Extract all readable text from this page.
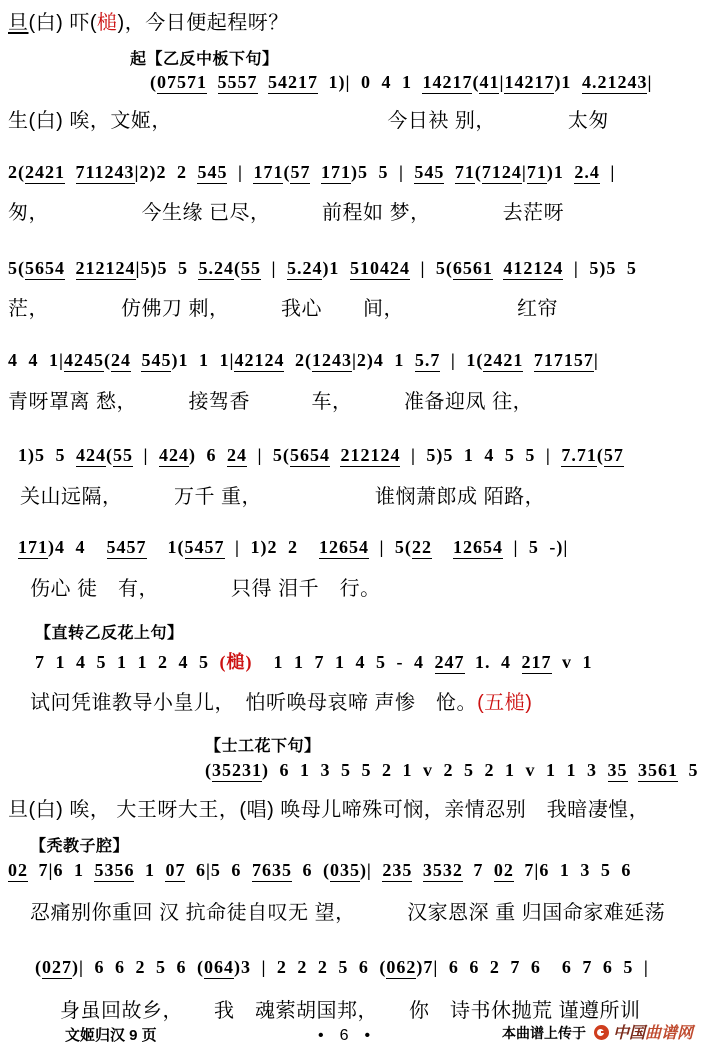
旦(白) 吓(槌)，今日便起程呀？
起【乙反中板下句】
(07571 5557 54217 1)| 0 4 1 14217(41|14217)1 4.21243|
生(白) 唉，文姬，　　　　　　　　　　　今日袂 别，　　　　太匆
2(2421 711243|2)2 2 545 | 171(57 171)5 5 | 545 71(7124|71)1 2.4 |
匆，　　　　　今生缘 已尽，　　　前程如 梦，　　　　去茫呀
5(5654 212124|5)5 5 5.24(55 | 5.24)1 510424 | 5(6561 412124 | 5)5 5
茫，　　　　仿佛刀 刺，　　　我心　　间，　　　　　　红帘
4 4 1|4245(24 545)1 1 1|42124 2(1243|2)4 1 5.7 | 1(2421 717157|
青呀罩离 愁，　　　接驾香　　　车，　　　准备迎凤 往，
1)5 5 424(55 | 424) 6 24 | 5(5654 212124 | 5)5 1 4 5 5 | 7.71(57
关山远隔，　　　万千 重，　　　　　　谁悯萧郎成 陌路，
171)4 4  5457  1(5457 | 1)2 2  12654 | 5(22 12654 | 5 -)|
伤心 徒　有，　　　　只得 泪千　行。
【直转乙反花上句】
7 1 4 5 1 1 2 4 5 (槌)  1 1 7 1 4 5 - 4 247 1. 4 217 v 1
试问凭谁教导小皇儿，　怕听唤母哀啼 声惨　怆。(五槌)
【士工花下句】
(35231) 6 1 3 5 5 2 1 v 2 5 2 1 v 1 1 3 35 3561 5
旦(白) 唉， 大王呀大王，(唱) 唤母儿啼殊可悯，亲情忍别　我暗凄惶，
【秃教子腔】
02 7|6 1 5356 1 07 6|5 6 7635 6 (035)| 235 3532 7 02 7|6 1 3 5 6
忍痛别你重回 汉 抗命徒自叹无 望，　　　汉家恩深 重 归国命家难延荡
(027)| 6 6 2 5 6 (064)3 | 2 2 2 5 6 (062)7| 6 6 2 7 6  6 7 6 5 |
身虽回故乡，　　我　魂萦胡国邦，　　你　诗书休抛荒 谨遵所训
文姬归汉 9 页	•　6　•	本曲谱上传于 中国曲谱网
